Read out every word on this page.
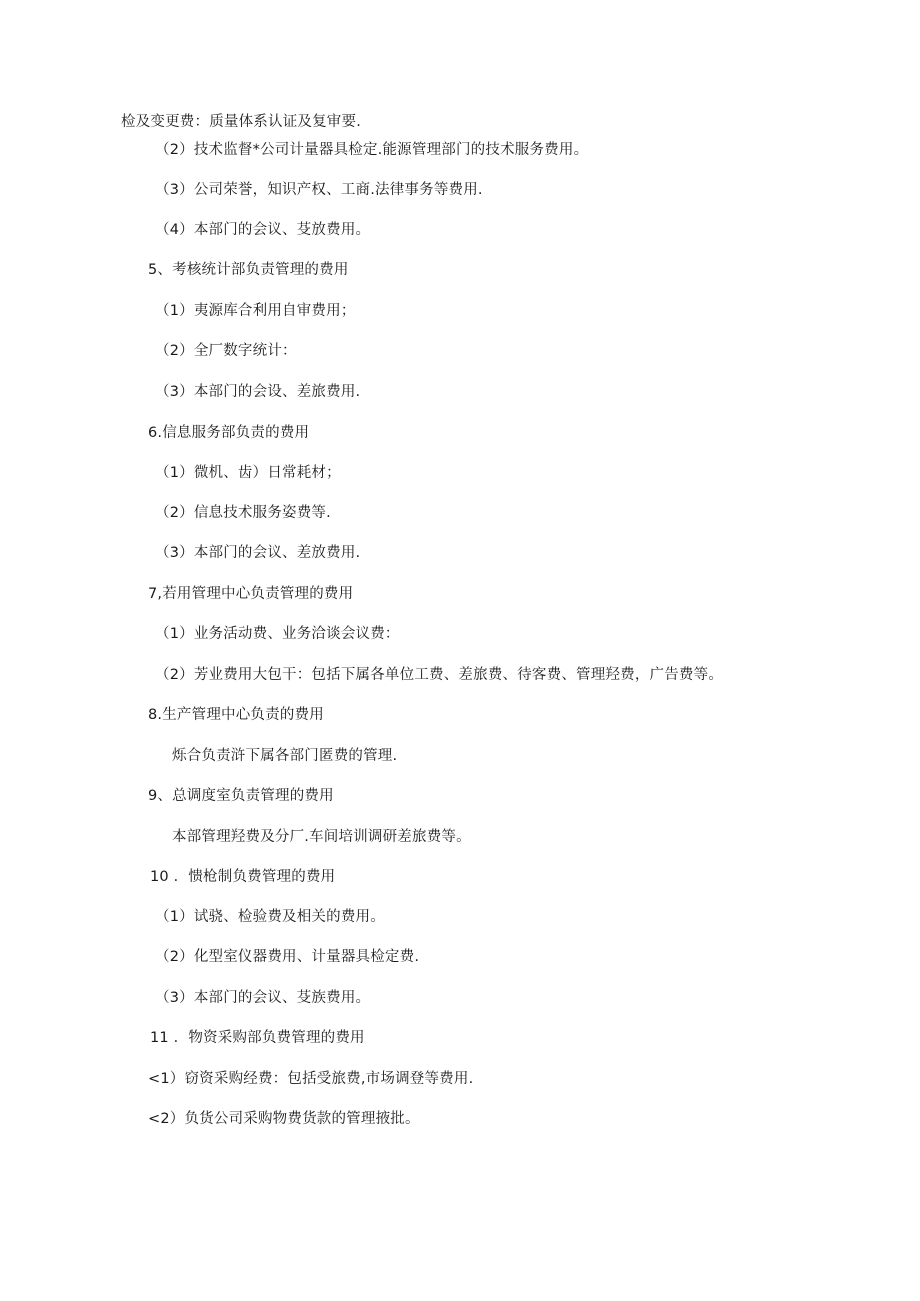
检及变更费：质量体系认证及复审要.
（2）技术监督*公司计量器具检定.能源管理部门的技术服务费用。
（3）公司荣誉，知识产权、工商.法律事务等费用.
（4）本部门的会议、芟放费用。
5、考核统计部负责管理的费用
（1）夷源库合利用自审费用；
（2）全厂数字统计：
（3）本部门的会设、差旅费用.
6.信息服务部负责的费用
（1）微机、齿）日常耗材；
（2）信息技术服务姿费等.
（3）本部门的会议、差放费用.
7,若用管理中心负责管理的费用
（1）业务活动费、业务洽谈会议费：
（2）芳业费用大包干：包括下属各单位工费、差旅费、待客费、管理羟费，广告费等。
8.生产管理中心负责的费用
烁合负责浒下属各部门匿费的管理.
9、总调度室负责管理的费用
本部管理羟费及分厂.车间培训调研差旅费等。
10 ．愦枪制负费管理的费用
（1）试骁、检验费及相关的费用。
（2）化型室仪器费用、计量器具检定费.
（3）本部门的会议、芟族费用。
11 ．物资采购部负费管理的费用
<1）窃资采购经费：包括受旅费,市场调登等费用.
<2）负货公司采购物费货款的管理掖批。
